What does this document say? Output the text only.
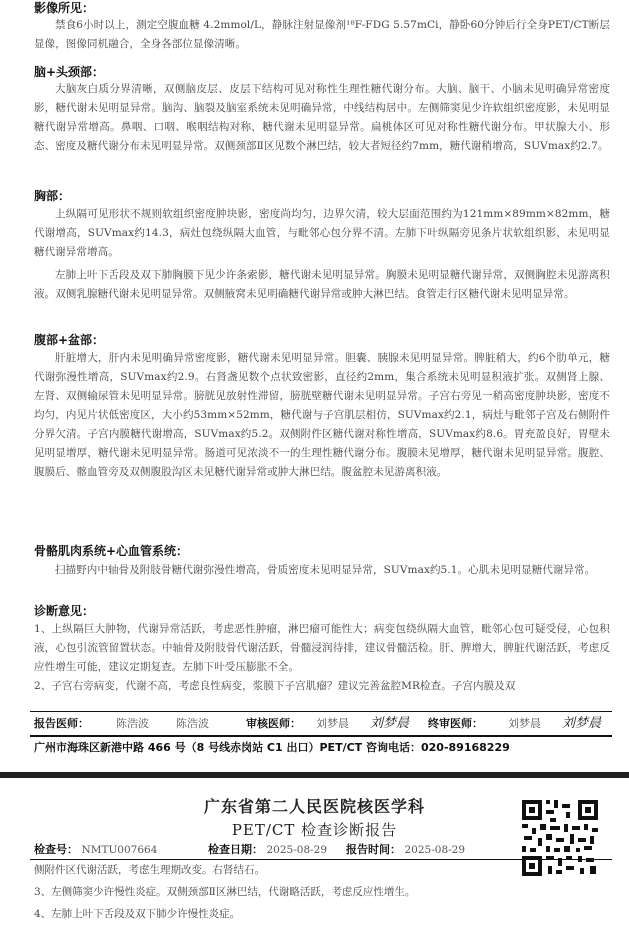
影像所见：

禁食6小时以上，测定空腹血糖 4.2mmol/L，静脉注射显像剂¹⁸F-FDG 5.57mCi，静卧60分钟后行全身PET/CT断层显像，图像同机融合，全身各部位显像清晰。

脑+头颈部：

大脑灰白质分界清晰，双侧脑皮层、皮层下结构可见对称性生理性糖代谢分布。大脑、脑干、小脑未见明确异常密度影，糖代谢未见明显异常。脑沟、脑裂及脑室系统未见明确异常，中线结构居中。左侧筛窦见少许软组织密度影，未见明显糖代谢异常增高。鼻咽、口咽、喉咽结构对称，糖代谢未见明显异常。扁桃体区可见对称性糖代谢分布。甲状腺大小、形态、密度及糖代谢分布未见明显异常。双侧颈部Ⅱ区见数个淋巴结，较大者短径约7mm，糖代谢稍增高，SUVmax约2.7。

胸部：

上纵隔可见形状不规则软组织密度肿块影，密度尚均匀，边界欠清，较大层面范围约为121mm×89mm×82mm，糖代谢增高，SUVmax约14.3，病灶包绕纵隔大血管，与毗邻心包分界不清。左肺下叶纵隔旁见条片状软组织影，未见明显糖代谢异常增高。

左肺上叶下舌段及双下肺胸膜下见少许条索影，糖代谢未见明显异常。胸膜未见明显糖代谢异常，双侧胸腔未见游离积液。双侧乳腺糖代谢未见明显异常。双侧腋窝未见明确糖代谢异常或肿大淋巴结。食管走行区糖代谢未见明显异常。

腹部+盆部：

肝脏增大，肝内未见明确异常密度影，糖代谢未见明显异常。胆囊、胰腺未见明显异常。脾脏稍大，约6个肋单元，糖代谢弥漫性增高，SUVmax约2.9。右肾盏见数个点状致密影，直径约2mm，集合系统未见明显积液扩张。双侧肾上腺、左肾、双侧输尿管未见明显异常。膀胱见放射性滞留，膀胱壁糖代谢未见明显异常。子宫右旁见一稍高密度肿块影，密度不均匀，内见片状低密度区，大小约53mm×52mm，糖代谢与子宫肌层相仿，SUVmax约2.1，病灶与毗邻子宫及右侧附件分界欠清。子宫内膜糖代谢增高，SUVmax约5.2。双侧附件区糖代谢对称性增高，SUVmax约8.6。胃充盈良好，胃壁未见明显增厚，糖代谢未见明显异常。肠道可见浓淡不一的生理性糖代谢分布。腹膜未见增厚，糖代谢未见明显异常。腹腔、腹膜后、髂血管旁及双侧腹股沟区未见糖代谢异常或肿大淋巴结。腹盆腔未见游离积液。

骨骼肌肉系统+心血管系统：

扫描野内中轴骨及附肢骨糖代谢弥漫性增高，骨质密度未见明显异常，SUVmax约5.1。心肌未见明显糖代谢异常。

诊断意见：

1、上纵隔巨大肿物，代谢异常活跃，考虑恶性肿瘤，淋巴瘤可能性大；病变包绕纵隔大血管，毗邻心包可疑受侵，心包积液，心包引流管留置状态。中轴骨及附肢骨代谢活跃，骨髓浸润待排，建议骨髓活检。肝、脾增大，脾脏代谢活跃，考虑反应性增生可能，建议定期复查。左肺下叶受压膨胀不全。

2、子宫右旁病变，代谢不高，考虑良性病变，浆膜下子宫肌瘤？建议完善盆腔MR检查。子宫内膜及双

报告医师： 陈浩波 陈浩波	审核医师： 刘梦晨 刘梦晨 终审医师： 刘梦晨 刘梦晨
广州市海珠区新港中路 466 号（8 号线赤岗站 C1 出口）PET/CT 咨询电话：020-89168229
广东省第二人民医院核医学科
PET/CT 检查诊断报告
检查号： NMTU007664	检查日期： 2025-08-29 报告时间： 2025-08-29
侧附件区代谢活跃，考虑生理期改变。右肾结石。
3、左侧筛窦少许慢性炎症。双侧颈部Ⅱ区淋巴结，代谢略活跃，考虑反应性增生。
4、左肺上叶下舌段及双下肺少许慢性炎症。
